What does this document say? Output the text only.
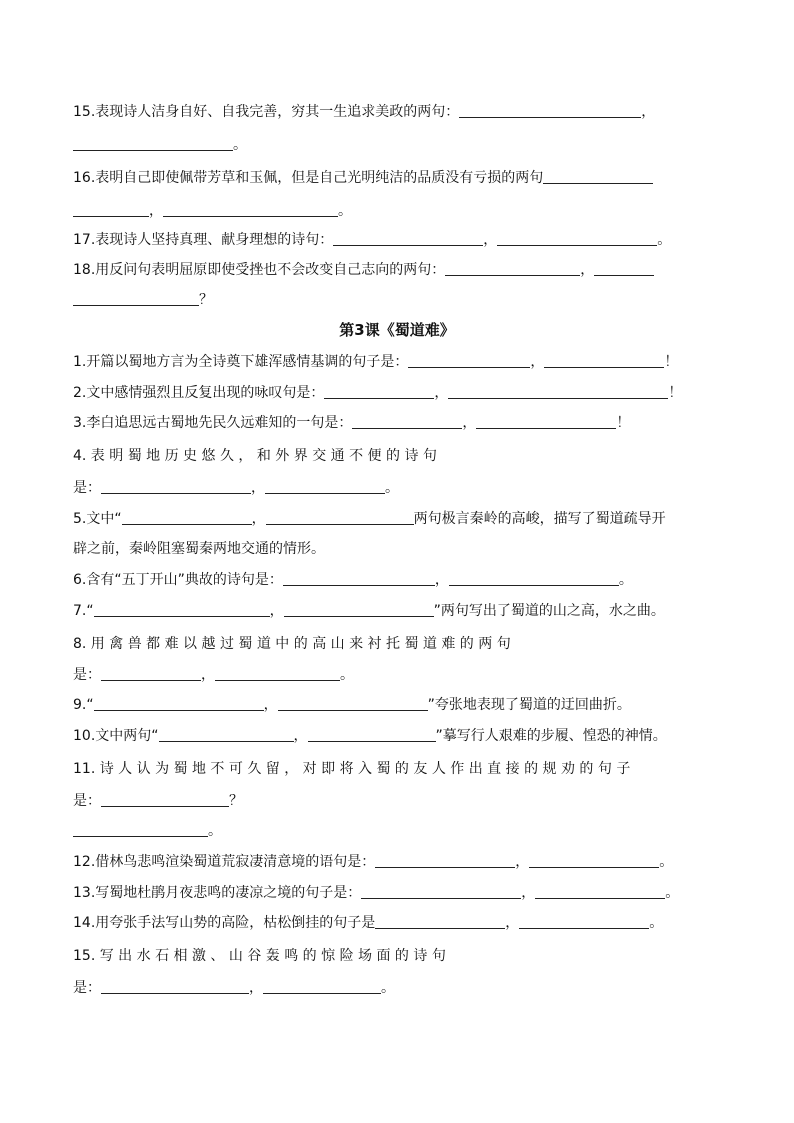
15.表现诗人洁身自好、自我完善，穷其一生追求美政的两句：	，
。
16.表明自己即使佩带芳草和玉佩，但是自己光明纯洁的品质没有亏损的两句
，	。
17.表现诗人坚持真理、献身理想的诗句：	，	。
18.用反问句表明屈原即使受挫也不会改变自己志向的两句：	，
？
第3课《蜀道难》
1.开篇以蜀地方言为全诗奠下雄浑感情基调的句子是：	，	！
2.文中感情强烈且反复出现的咏叹句是：	，	！
3.李白追思远古蜀地先民久远难知的一句是：	，	！
4. 表 明 蜀 地 历 史 悠 久 ， 和 外 界 交 通 不 便 的 诗 句
是：	，	。
5.文中“	，	两句极言秦岭的高峻，描写了蜀道疏导开
辟之前，秦岭阻塞蜀秦两地交通的情形。
6.含有“五丁开山”典故的诗句是：	，	。
7.“	，	”两句写出了蜀道的山之高，水之曲。
8. 用 禽 兽 都 难 以 越 过 蜀 道 中 的 高 山 来 衬 托 蜀 道 难 的 两 句
是：	，	。
9.“	，	”夸张地表现了蜀道的迂回曲折。
10.文中两句“	，	”摹写行人艰难的步履、惶恐的神情。
11. 诗 人 认 为 蜀 地 不 可 久 留 ， 对 即 将 入 蜀 的 友 人 作 出 直 接 的 规 劝 的 句 子
是：	？
。
12.借林鸟悲鸣渲染蜀道荒寂凄清意境的语句是：	，	。
13.写蜀地杜鹃月夜悲鸣的凄凉之境的句子是：	，	。
14.用夸张手法写山势的高险，枯松倒挂的句子是	，	。
15. 写 出 水 石 相 激 、 山 谷 轰 鸣 的 惊 险 场 面 的 诗 句
是：	，	。
